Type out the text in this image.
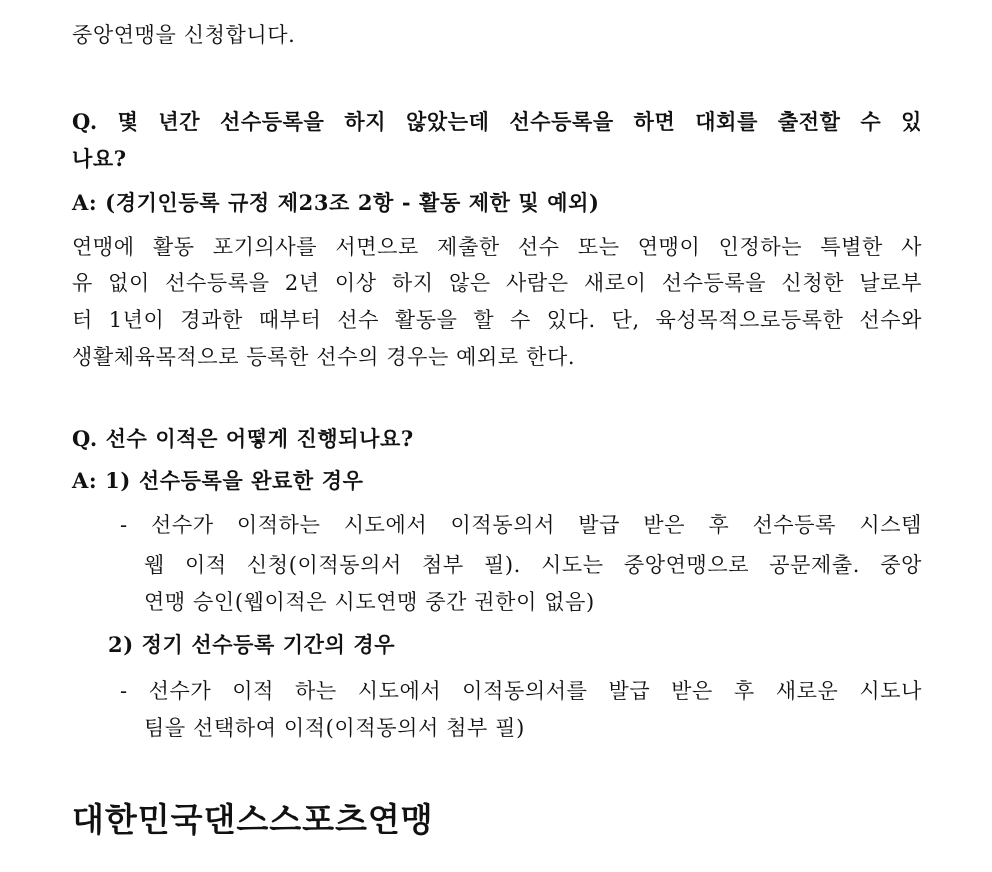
중앙연맹을 신청합니다.
Q. 몇 년간 선수등록을 하지 않았는데 선수등록을 하면 대회를 출전할 수 있
나요?
A: (경기인등록 규정 제23조 2항 - 활동 제한 및 예외)
연맹에 활동 포기의사를 서면으로 제출한 선수 또는 연맹이 인정하는 특별한 사
유 없이 선수등록을 2년 이상 하지 않은 사람은 새로이 선수등록을 신청한 날로부
터 1년이 경과한 때부터 선수 활동을 할 수 있다. 단, 육성목적으로등록한 선수와
생활체육목적으로 등록한 선수의 경우는 예외로 한다.
Q. 선수 이적은 어떻게 진행되나요?
A: 1) 선수등록을 완료한 경우
- 선수가 이적하는 시도에서 이적동의서 발급 받은 후 선수등록 시스템
웹 이적 신청(이적동의서 첨부 필). 시도는 중앙연맹으로 공문제출. 중앙
연맹 승인(웹이적은 시도연맹 중간 권한이 없음)
2) 정기 선수등록 기간의 경우
- 선수가 이적 하는 시도에서 이적동의서를 발급 받은 후 새로운 시도나
팀을 선택하여 이적(이적동의서 첨부 필)
대한민국댄스스포츠연맹
